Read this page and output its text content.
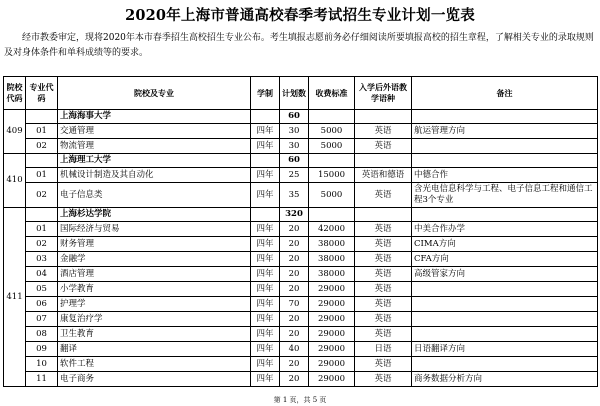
2020年上海市普通高校春季考试招生专业计划一览表
经市教委审定，现将2020年本市春季招生高校招生专业公布。考生填报志愿前务必仔细阅读所要填报高校的招生章程，了解相关专业的录取规则及对身体条件和单科成绩等的要求。
院校代码	专业代码	院校及专业	学制	计划数	收费标准	入学后外语教学语种	备注
409		上海海事大学		60			
	01	交通管理	四年	30	5000	英语	航运管理方向
	02	物流管理	四年	30	5000	英语	
410		上海理工大学		60			
	01	机械设计制造及其自动化	四年	25	15000	英语和德语	中德合作
	02	电子信息类	四年	35	5000	英语	含光电信息科学与工程、电子信息工程和通信工程3个专业
411		上海杉达学院		320			
	01	国际经济与贸易	四年	20	42000	英语	中美合作办学
	02	财务管理	四年	20	38000	英语	CIMA方向
	03	金融学	四年	20	38000	英语	CFA方向
	04	酒店管理	四年	20	38000	英语	高级管家方向
	05	小学教育	四年	20	29000	英语	
	06	护理学	四年	70	29000	英语	
	07	康复治疗学	四年	20	29000	英语	
	08	卫生教育	四年	20	29000	英语	
	09	翻译	四年	40	29000	日语	日语翻译方向
	10	软件工程	四年	20	29000	英语	
	11	电子商务	四年	20	29000	英语	商务数据分析方向
第 1 页，共 5 页
